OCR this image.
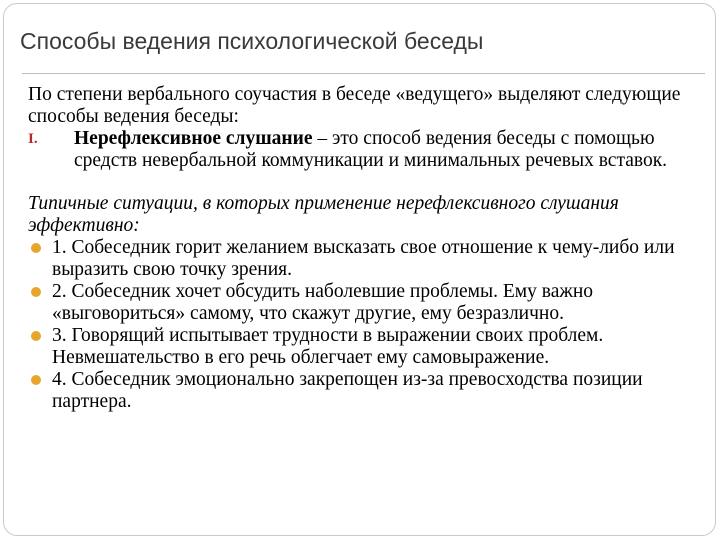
Способы ведения психологической беседы

По степени вербального соучастия в беседе «ведущего» выделяют следующие способы ведения беседы:

I. Нерефлексивное слушание – это способ ведения беседы с помощью средств невербальной коммуникации и минимальных речевых вставок.

Типичные ситуации, в которых применение нерефлексивного слушания эффективно:

1. Собеседник горит желанием высказать свое отношение к чему-либо или выразить свою точку зрения.
2. Собеседник хочет обсудить наболевшие проблемы. Ему важно «выговориться» самому, что скажут другие, ему безразлично.
3. Говорящий испытывает трудности в выражении своих проблем. Невмешательство в его речь облегчает ему самовыражение.
4. Собеседник эмоционально закрепощен из-за превосходства позиции партнера.
